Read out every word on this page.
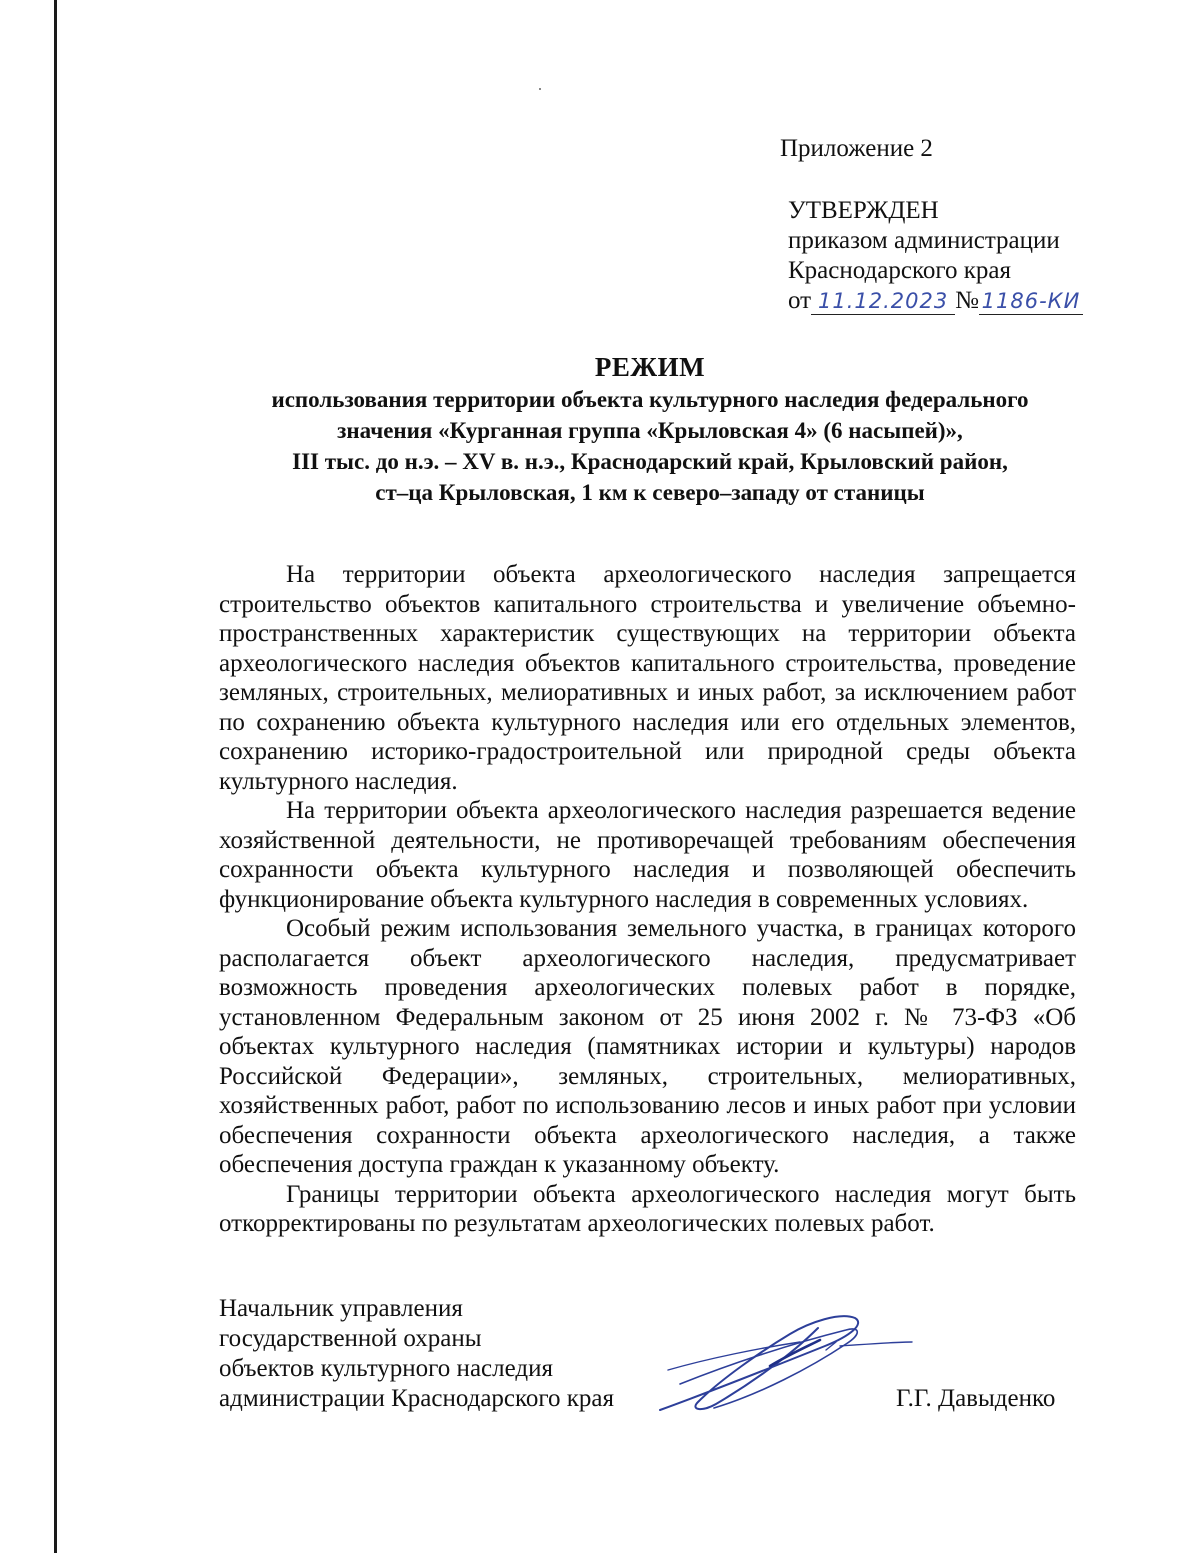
Приложение 2
УТВЕРЖДЕН
приказом администрации
Краснодарского края
от 11.12.2023 № 1186-КИ
РЕЖИМ
использования территории объекта культурного наследия федерального
значения «Курганная группа «Крыловская 4» (6 насыпей)»,
III тыс. до н.э. – XV в. н.э., Краснодарский край, Крыловский район,
ст–ца Крыловская, 1 км к северо–западу от станицы

На территории объекта археологического наследия запрещается строительство объектов капитального строительства и увеличение объемно-пространственных характеристик существующих на территории объекта археологического наследия объектов капитального строительства, проведение земляных, строительных, мелиоративных и иных работ, за исключением работ по сохранению объекта культурного наследия или его отдельных элементов, сохранению историко-градостроительной или природной среды объекта культурного наследия.

На территории объекта археологического наследия разрешается ведение хозяйственной деятельности, не противоречащей требованиям обеспечения сохранности объекта культурного наследия и позволяющей обеспечить функционирование объекта культурного наследия в современных условиях.

Особый режим использования земельного участка, в границах которого располагается объект археологического наследия, предусматривает возможность проведения археологических полевых работ в порядке, установленном Федеральным законом от 25 июня 2002 г. № 73-ФЗ «Об объектах культурного наследия (памятниках истории и культуры) народов Российской Федерации», земляных, строительных, мелиоративных, хозяйственных работ, работ по использованию лесов и иных работ при условии обеспечения сохранности объекта археологического наследия, а также обеспечения доступа граждан к указанному объекту.

Границы территории объекта археологического наследия могут быть откорректированы по результатам археологических полевых работ.

Начальник управления
государственной охраны
объектов культурного наследия
администрации Краснодарского края	Г.Г. Давыденко
